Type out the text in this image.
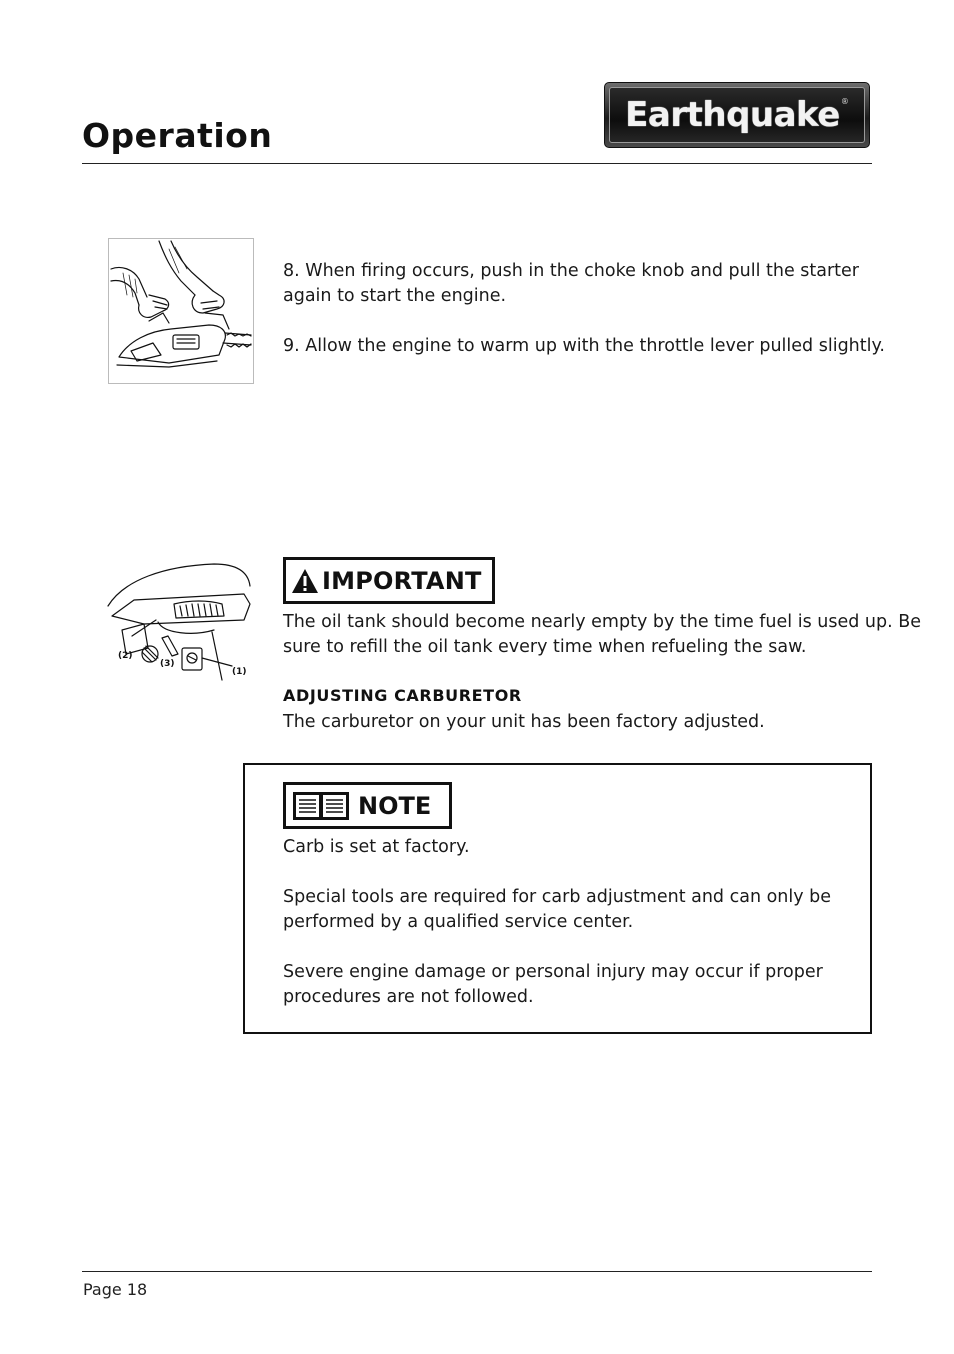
Operation
Earthquake ®

8. When firing occurs, push in the choke knob and pull the starter again to start the engine.

9. Allow the engine to warm up with the throttle lever pulled slightly.

(2)
(3)
(1)
IMPORTANT

The oil tank should become nearly empty by the time fuel is used up. Be sure to refill the oil tank every time when refueling the saw.

ADJUSTING CARBURETOR

The carburetor on your unit has been factory adjusted.

NOTE

Carb is set at factory.

Special tools are required for carb adjustment and can only be performed by a qualified service center.

Severe engine damage or personal injury may occur if proper procedures are not followed.

Page 18
